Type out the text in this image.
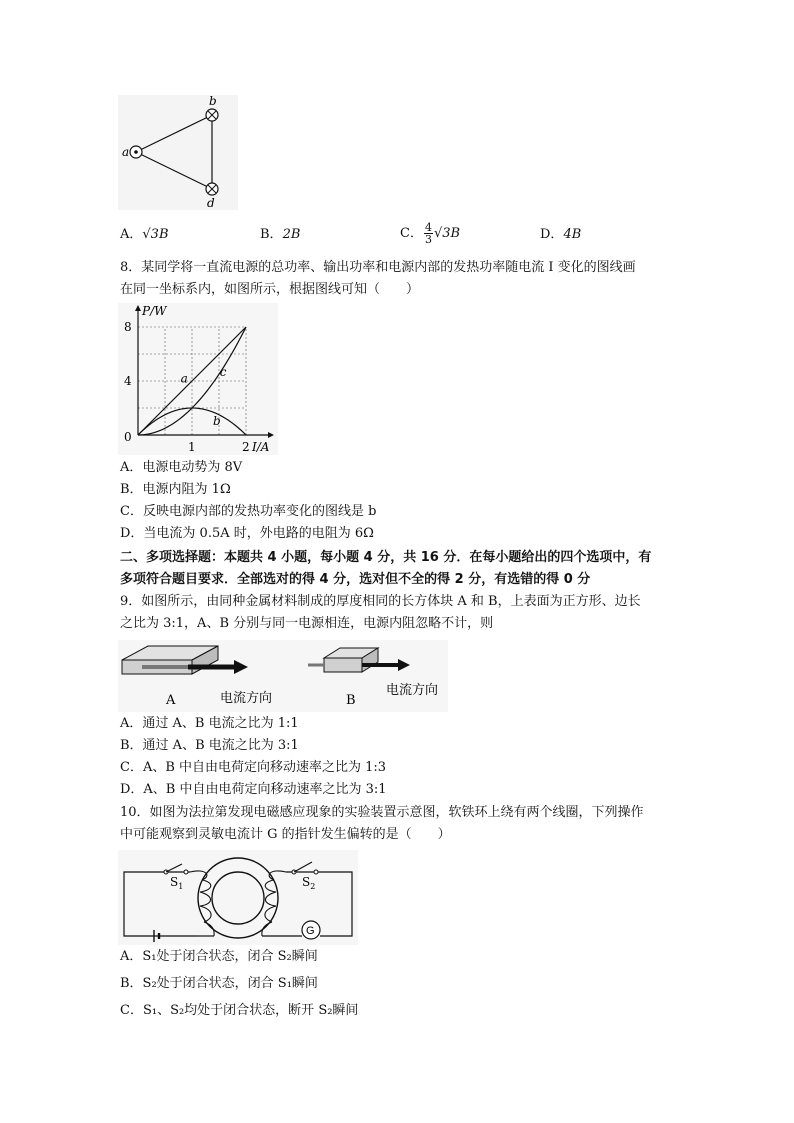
a
b
d
A．√3B	B．2B	C． $\frac{4}{3}√3B$	D．4B
8．某同学将一直流电源的总功率、输出功率和电源内部的发热功率随电流 I 变化的图线画
在同一坐标系内，如图所示，根据图线可知（　　）
4
8
0
1	2
P/W
I/A
a	c
b
A．电源电动势为 8V
B．电源内阻为 1Ω
C．反映电源内部的发热功率变化的图线是 b
D．当电流为 0.5A 时，外电路的电阻为 6Ω
二、多项选择题：本题共 4 小题，每小题 4 分，共 16 分．在每小题给出的四个选项中，有
多项符合题目要求．全部选对的得 4 分，选对但不全的得 2 分，有选错的得 0 分
9．如图所示，由同种金属材料制成的厚度相同的长方体块 A 和 B，上表面为正方形、边长
之比为 3:1，A、B 分别与同一电源相连，电源内阻忽略不计，则
A	电流方向	B
电流方向
A．通过 A、B 电流之比为 1:1
B．通过 A、B 电流之比为 3:1
C．A、B 中自由电荷定向移动速率之比为 1:3
D．A、B 中自由电荷定向移动速率之比为 3:1
10．如图为法拉第发现电磁感应现象的实验装置示意图，软铁环上绕有两个线圈，下列操作
中可能观察到灵敏电流计 G 的指针发生偏转的是（　　）
$S_1$	$S_2$
G
A．S₁处于闭合状态，闭合 S₂瞬间
B．S₂处于闭合状态，闭合 S₁瞬间
C．S₁、S₂均处于闭合状态，断开 S₂瞬间
